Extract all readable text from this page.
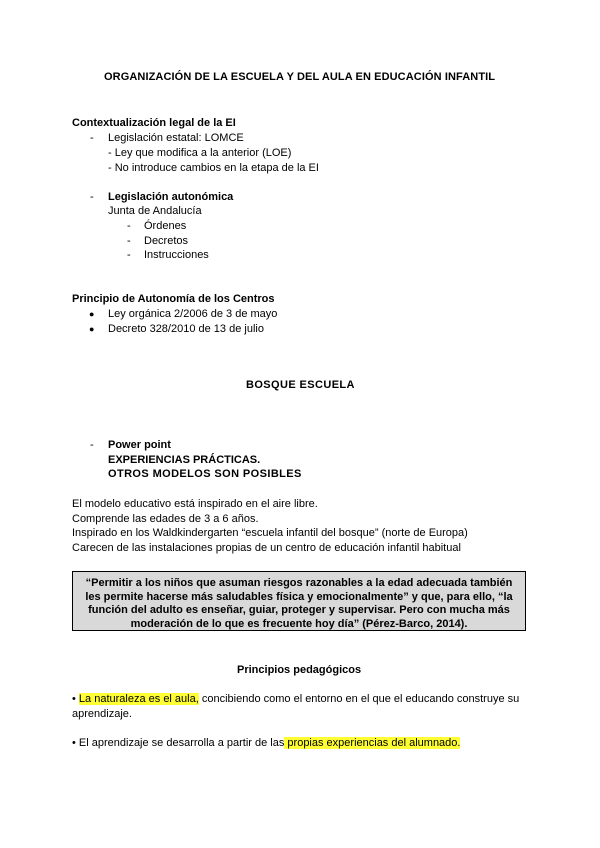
ORGANIZACIÓN DE LA ESCUELA Y DEL AULA EN EDUCACIÓN INFANTIL
Contextualización legal de la EI
- Legislación estatal: LOMCE
- Ley que modifica a la anterior (LOE)
- No introduce cambios en la etapa de la EI
- Legislación autonómica
Junta de Andalucía
- Órdenes
- Decretos
- Instrucciones
Principio de Autonomía de los Centros
● Ley orgánica 2/2006 de 3 de mayo
● Decreto 328/2010 de 13 de julio
BOSQUE ESCUELA
- Power point
EXPERIENCIAS PRÁCTICAS.
OTROS MODELOS SON POSIBLES
El modelo educativo está inspirado en el aire libre.
Comprende las edades de 3 a 6 años.
Inspirado en los Waldkindergarten “escuela infantil del bosque” (norte de Europa)
Carecen de las instalaciones propias de un centro de educación infantil habitual

“Permitir a los niños que asuman riesgos razonables a la edad adecuada también les permite hacerse más saludables física y emocionalmente” y que, para ello, “la función del adulto es enseñar, guiar, proteger y supervisar. Pero con mucha más moderación de lo que es frecuente hoy día” (Pérez-Barco, 2014).

Principios pedagógicos
• La naturaleza es el aula, concibiendo como el entorno en el que el educando construye su
aprendizaje.
• El aprendizaje se desarrolla a partir de las propias experiencias del alumnado.
